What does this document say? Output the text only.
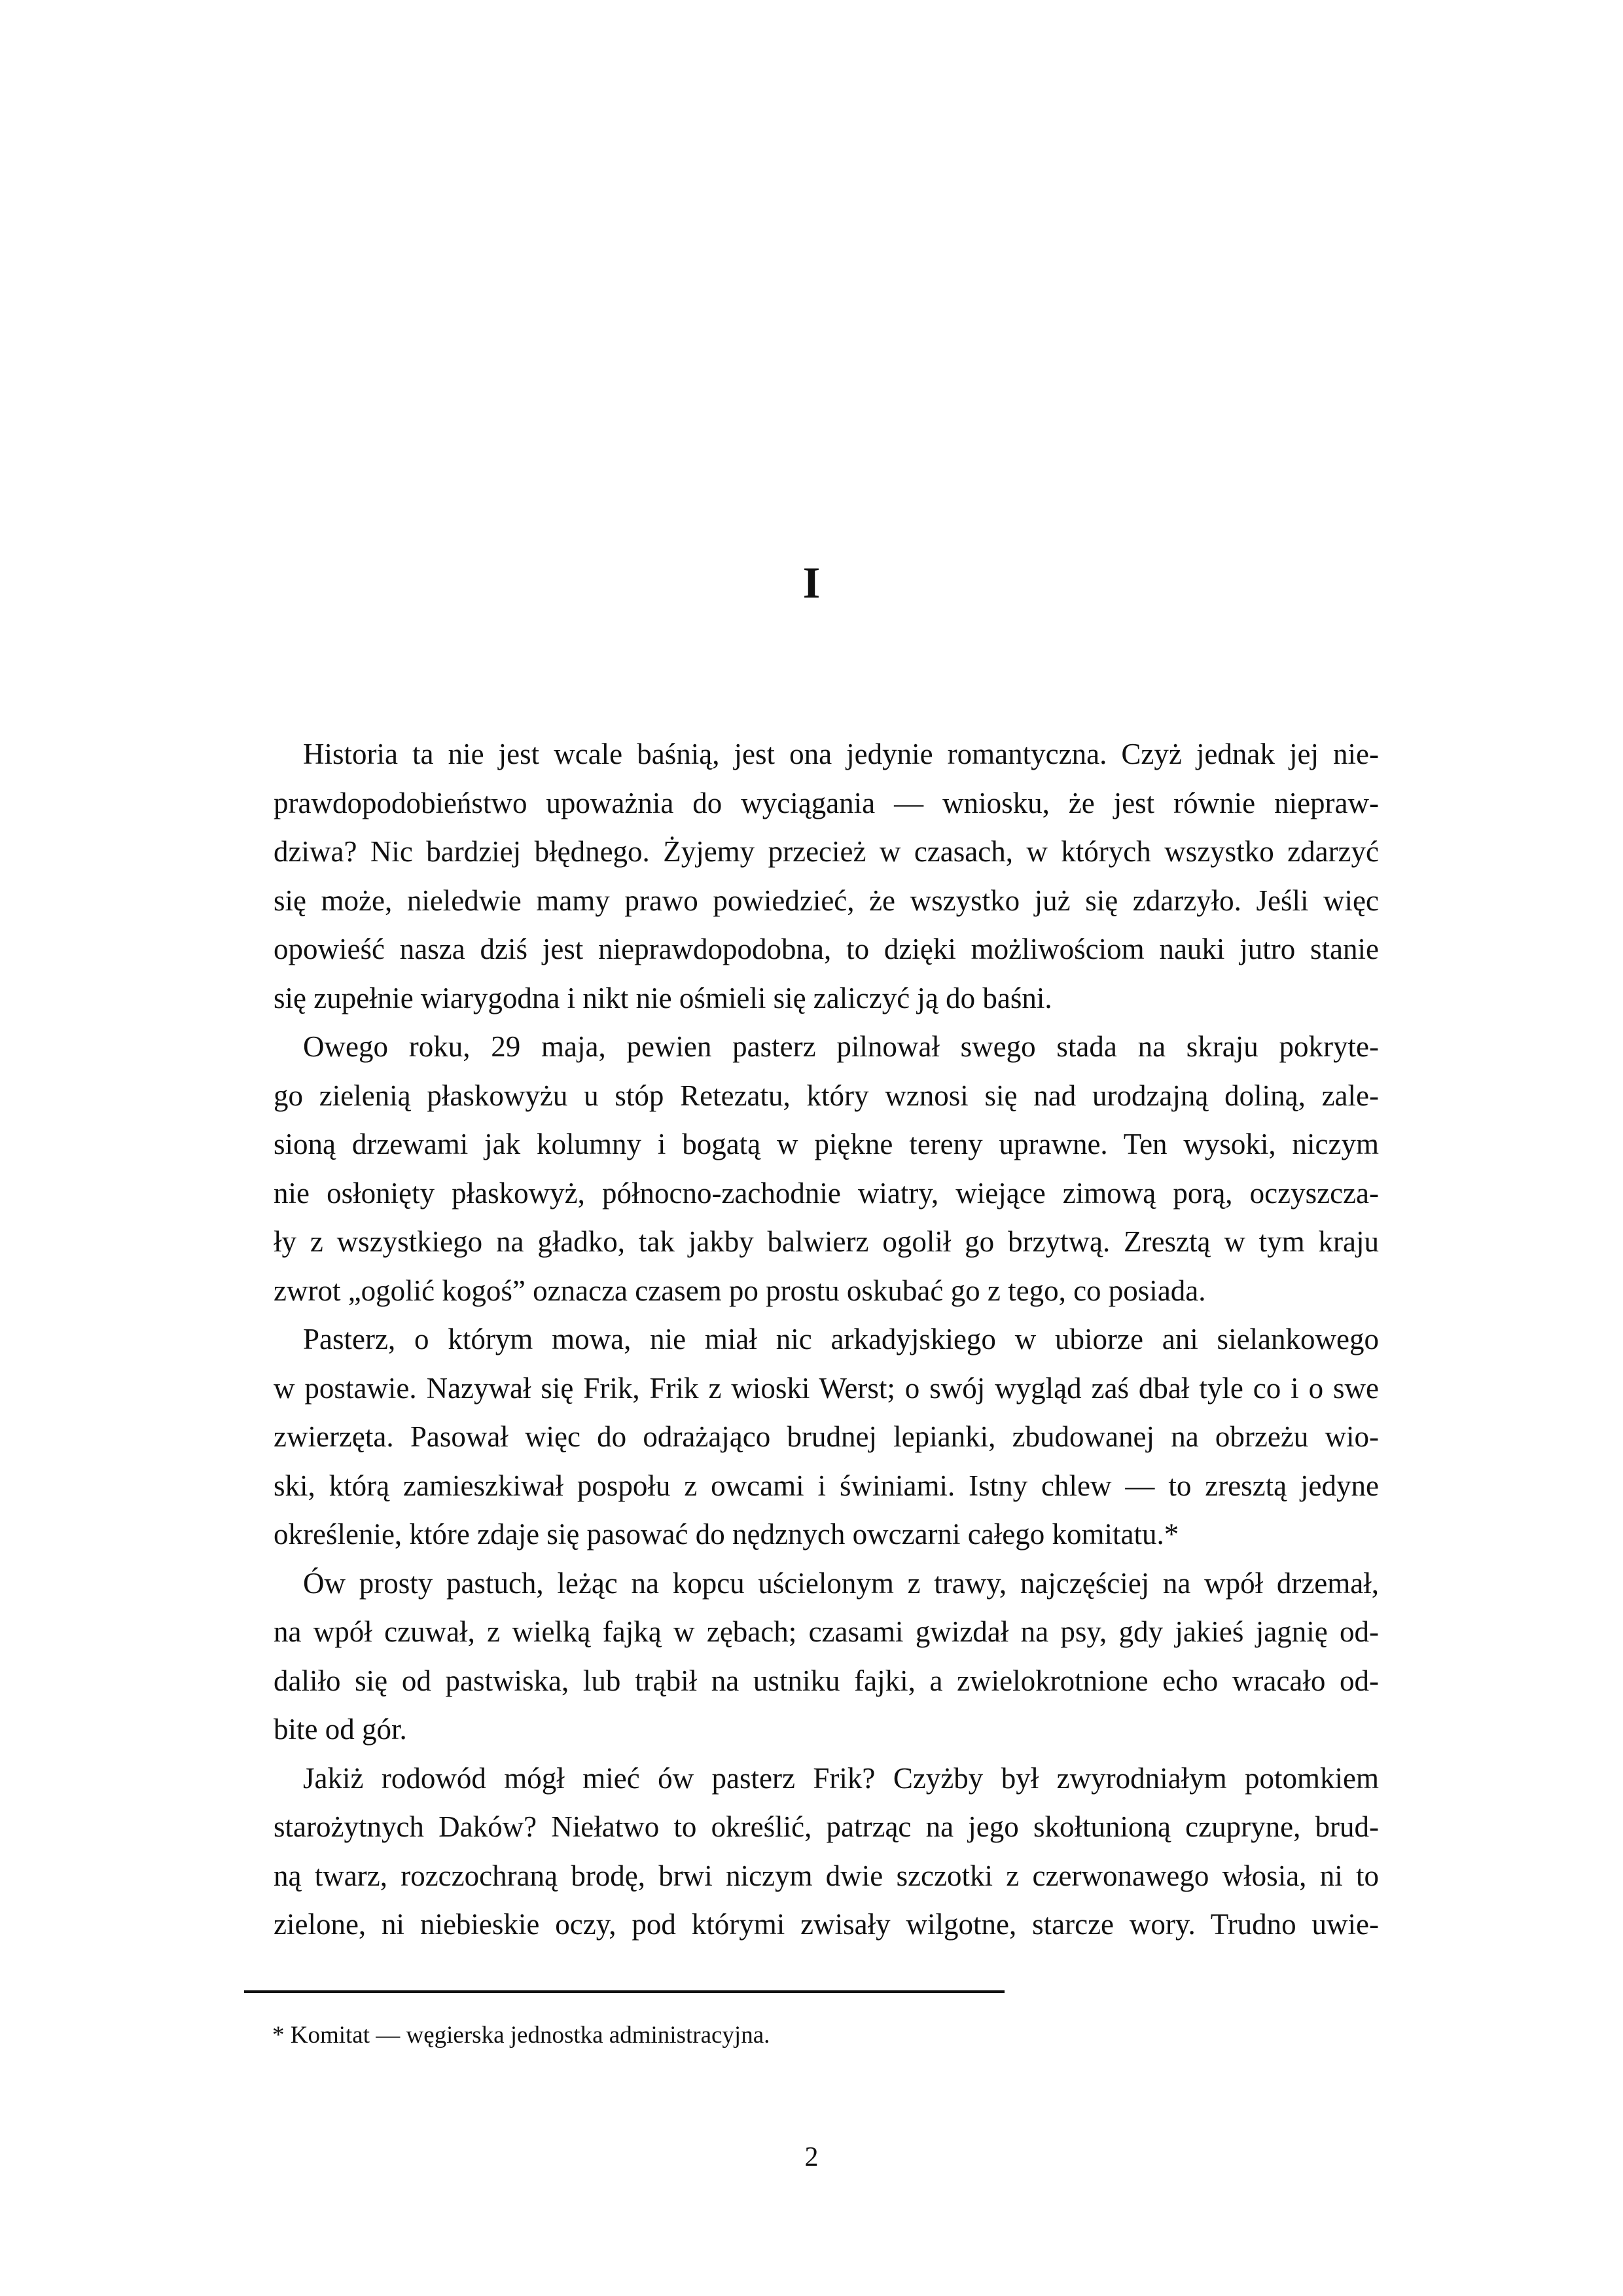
I

Historia ta nie jest wcale baśnią, jest ona jedynie romantyczna. Czyż jednak jej nie-
prawdopodobieństwo upoważnia do wyciągania — wniosku, że jest równie niepraw-
dziwa? Nic bardziej błędnego. Żyjemy przecież w czasach, w których wszystko zdarzyć
się może, nieledwie mamy prawo powiedzieć, że wszystko już się zdarzyło. Jeśli więc
opowieść nasza dziś jest nieprawdopodobna, to dzięki możliwościom nauki jutro stanie
się zupełnie wiarygodna i nikt nie ośmieli się zaliczyć ją do baśni.

Owego roku, 29 maja, pewien pasterz pilnował swego stada na skraju pokryte-
go zielenią płaskowyżu u stóp Retezatu, który wznosi się nad urodzajną doliną, zale-
sioną drzewami jak kolumny i bogatą w piękne tereny uprawne. Ten wysoki, niczym
nie osłonięty płaskowyż, północno-zachodnie wiatry, wiejące zimową porą, oczyszcza-
ły z wszystkiego na gładko, tak jakby balwierz ogolił go brzytwą. Zresztą w tym kraju
zwrot „ogolić kogoś” oznacza czasem po prostu oskubać go z tego, co posiada.

Pasterz, o którym mowa, nie miał nic arkadyjskiego w ubiorze ani sielankowego
w postawie. Nazywał się Frik, Frik z wioski Werst; o swój wygląd zaś dbał tyle co i o swe
zwierzęta. Pasował więc do odrażająco brudnej lepianki, zbudowanej na obrzeżu wio-
ski, którą zamieszkiwał pospołu z owcami i świniami. Istny chlew — to zresztą jedyne
określenie, które zdaje się pasować do nędznych owczarni całego komitatu.*

Ów prosty pastuch, leżąc na kopcu uścielonym z trawy, najczęściej na wpół drzemał,
na wpół czuwał, z wielką fajką w zębach; czasami gwizdał na psy, gdy jakieś jagnię od-
daliło się od pastwiska, lub trąbił na ustniku fajki, a zwielokrotnione echo wracało od-
bite od gór.

Jakiż rodowód mógł mieć ów pasterz Frik? Czyżby był zwyrodniałym potomkiem
starożytnych Daków? Niełatwo to określić, patrząc na jego skołtunioną czupryne, brud-
ną twarz, rozczochraną brodę, brwi niczym dwie szczotki z czerwonawego włosia, ni to
zielone, ni niebieskie oczy, pod którymi zwisały wilgotne, starcze wory. Trudno uwie-

* Komitat — węgierska jednostka administracyjna.
2
